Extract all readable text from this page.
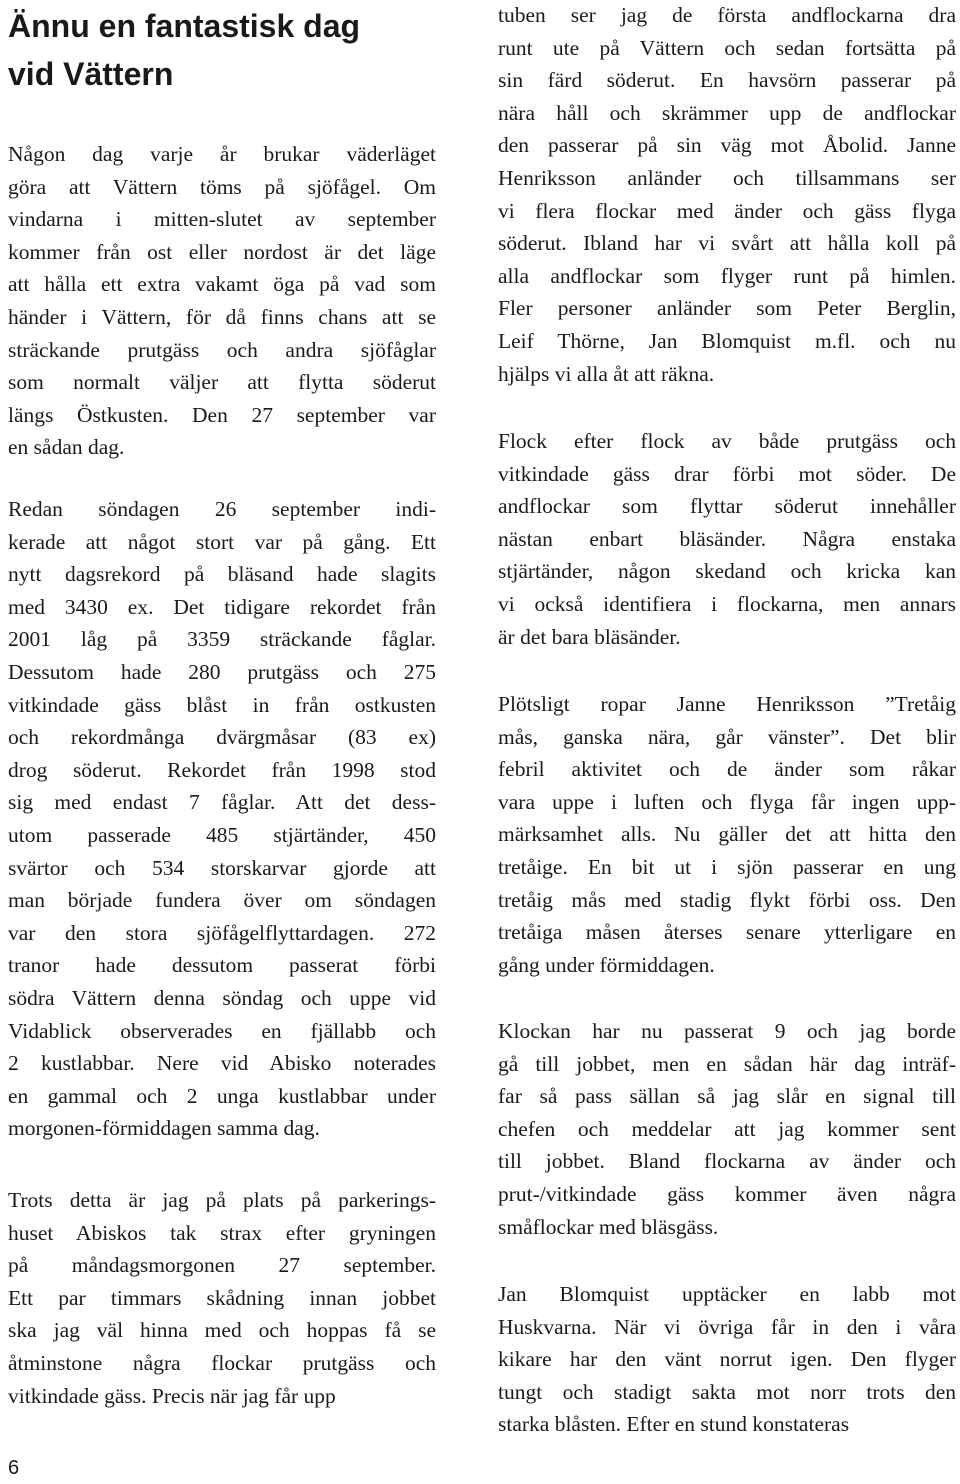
Ännu en fantastisk dag
vid Vättern

Någon dag varje år brukar väderläget
göra att Vättern töms på sjöfågel. Om
vindarna i mitten-slutet av september
kommer från ost eller nordost är det läge
att hålla ett extra vakamt öga på vad som
händer i Vättern, för då finns chans att se
sträckande prutgäss och andra sjöfåglar
som normalt väljer att flytta söderut
längs Östkusten. Den 27 september var
en sådan dag.

Redan söndagen 26 september indi-
kerade att något stort var på gång. Ett
nytt dagsrekord på bläsand hade slagits
med 3430 ex. Det tidigare rekordet från
2001 låg på 3359 sträckande fåglar.
Dessutom hade 280 prutgäss och 275
vitkindade gäss blåst in från ostkusten
och rekordmånga dvärgmåsar (83 ex)
drog söderut. Rekordet från 1998 stod
sig med endast 7 fåglar. Att det dess-
utom passerade 485 stjärtänder, 450
svärtor och 534 storskarvar gjorde att
man började fundera över om söndagen
var den stora sjöfågelflyttardagen. 272
tranor hade dessutom passerat förbi
södra Vättern denna söndag och uppe vid
Vidablick observerades en fjällabb och
2 kustlabbar. Nere vid Abisko noterades
en gammal och 2 unga kustlabbar under
morgonen-förmiddagen samma dag.

Trots detta är jag på plats på parkerings-
huset Abiskos tak strax efter gryningen
på måndagsmorgonen 27 september.
Ett par timmars skådning innan jobbet
ska jag väl hinna med och hoppas få se
åtminstone några flockar prutgäss och
vitkindade gäss. Precis när jag får upp

tuben ser jag de första andflockarna dra
runt ute på Vättern och sedan fortsätta på
sin färd söderut. En havsörn passerar på
nära håll och skrämmer upp de andflockar
den passerar på sin väg mot Åbolid. Janne
Henriksson anländer och tillsammans ser
vi flera flockar med änder och gäss flyga
söderut. Ibland har vi svårt att hålla koll på
alla andflockar som flyger runt på himlen.
Fler personer anländer som Peter Berglin,
Leif Thörne, Jan Blomquist m.fl. och nu
hjälps vi alla åt att räkna.

Flock efter flock av både prutgäss och
vitkindade gäss drar förbi mot söder. De
andflockar som flyttar söderut innehåller
nästan enbart bläsänder. Några enstaka
stjärtänder, någon skedand och kricka kan
vi också identifiera i flockarna, men annars
är det bara bläsänder.

Plötsligt ropar Janne Henriksson ”Tretåig
mås, ganska nära, går vänster”. Det blir
febril aktivitet och de änder som råkar
vara uppe i luften och flyga får ingen upp-
märksamhet alls. Nu gäller det att hitta den
tretåige. En bit ut i sjön passerar en ung
tretåig mås med stadig flykt förbi oss. Den
tretåiga måsen återses senare ytterligare en
gång under förmiddagen.

Klockan har nu passerat 9 och jag borde
gå till jobbet, men en sådan här dag inträf-
far så pass sällan så jag slår en signal till
chefen och meddelar att jag kommer sent
till jobbet. Bland flockarna av änder och
prut-/vitkindade gäss kommer även några
småflockar med bläsgäss.

Jan Blomquist upptäcker en labb mot
Huskvarna. När vi övriga får in den i våra
kikare har den vänt norrut igen. Den flyger
tungt och stadigt sakta mot norr trots den
starka blåsten. Efter en stund konstateras

6
